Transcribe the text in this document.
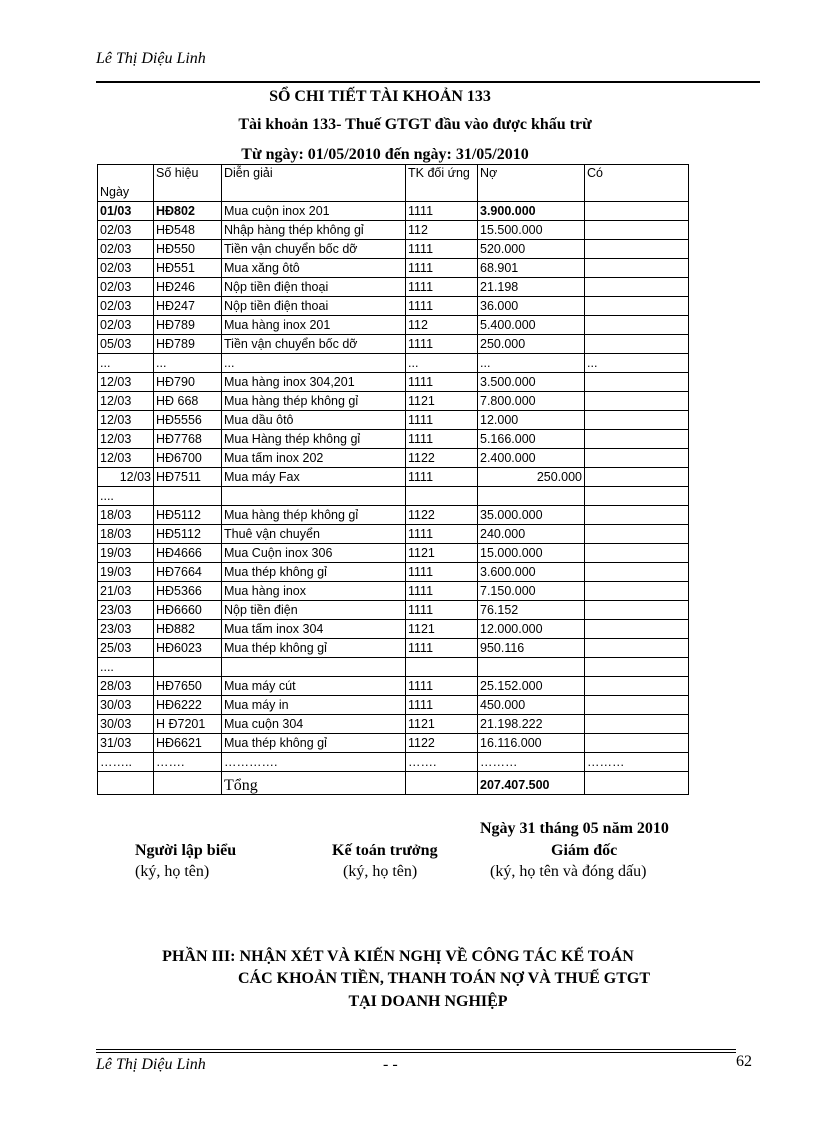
Lê Thị Diệu Linh
SỔ CHI TIẾT TÀI KHOẢN 133
Tài khoản 133- Thuế GTGT đầu vào được khấu trừ
Từ ngày: 01/05/2010 đến ngày: 31/05/2010
Ngày	Số hiệu	Diễn giải	TK đối ứng	Nợ	Có
01/03	HĐ802	Mua cuộn inox 201	1111	3.900.000	
02/03	HĐ548	Nhập hàng thép không gỉ	112	15.500.000	
02/03	HĐ550	Tiền vận chuyển bốc dỡ	1111	520.000	
02/03	HĐ551	Mua xăng ôtô	1111	68.901	
02/03	HĐ246	Nộp tiền điện thoại	1111	21.198	
02/03	HĐ247	Nộp tiền điện thoai	1111	36.000	
02/03	HĐ789	Mua hàng inox 201	112	5.400.000	
05/03	HĐ789	Tiền vận chuyển bốc dỡ	1111	250.000	
...	...	...	...	...	...
12/03	HĐ790	Mua hàng inox 304,201	1111	3.500.000	
12/03	HĐ 668	Mua hàng thép không gỉ	1121	7.800.000	
12/03	HĐ5556	Mua dầu ôtô	1111	12.000	
12/03	HĐ7768	Mua Hàng thép không gỉ	1111	5.166.000	
12/03	HĐ6700	Mua tấm inox 202	1122	2.400.000	
12/03	HĐ7511	Mua máy Fax	1111	250.000	
....					
18/03	HĐ5112	Mua hàng thép không gỉ	1122	35.000.000	
18/03	HĐ5112	Thuê vận chuyển	1111	240.000	
19/03	HĐ4666	Mua Cuộn inox 306	1121	15.000.000	
19/03	HĐ7664	Mua thép không gỉ	1111	3.600.000	
21/03	HĐ5366	Mua hàng inox	1111	7.150.000	
23/03	HĐ6660	Nộp tiền điện	1111	76.152	
23/03	HĐ882	Mua tấm inox 304	1121	12.000.000	
25/03	HĐ6023	Mua thép không gỉ	1111	950.116	
....					
28/03	HĐ7650	Mua máy cút	1111	25.152.000	
30/03	HĐ6222	Mua máy in	1111	450.000	
30/03	H Đ7201	Mua cuộn 304	1121	21.198.222	
31/03	HĐ6621	Mua thép không gỉ	1122	16.116.000	
……..	…….	………….	…….	………	………
		Tổng		207.407.500	
Ngày 31 tháng 05 năm 2010
Người lập biểu
(ký, họ tên)
Kế toán trưởng
(ký, họ tên)
Giám đốc
(ký, họ tên và đóng dấu)
PHẦN III: NHẬN XÉT VÀ KIẾN NGHỊ VỀ CÔNG TÁC KẾ TOÁN
CÁC KHOẢN TIỀN, THANH TOÁN NỢ VÀ THUẾ GTGT
TẠI DOANH NGHIỆP
Lê Thị Diệu Linh	- -	62
